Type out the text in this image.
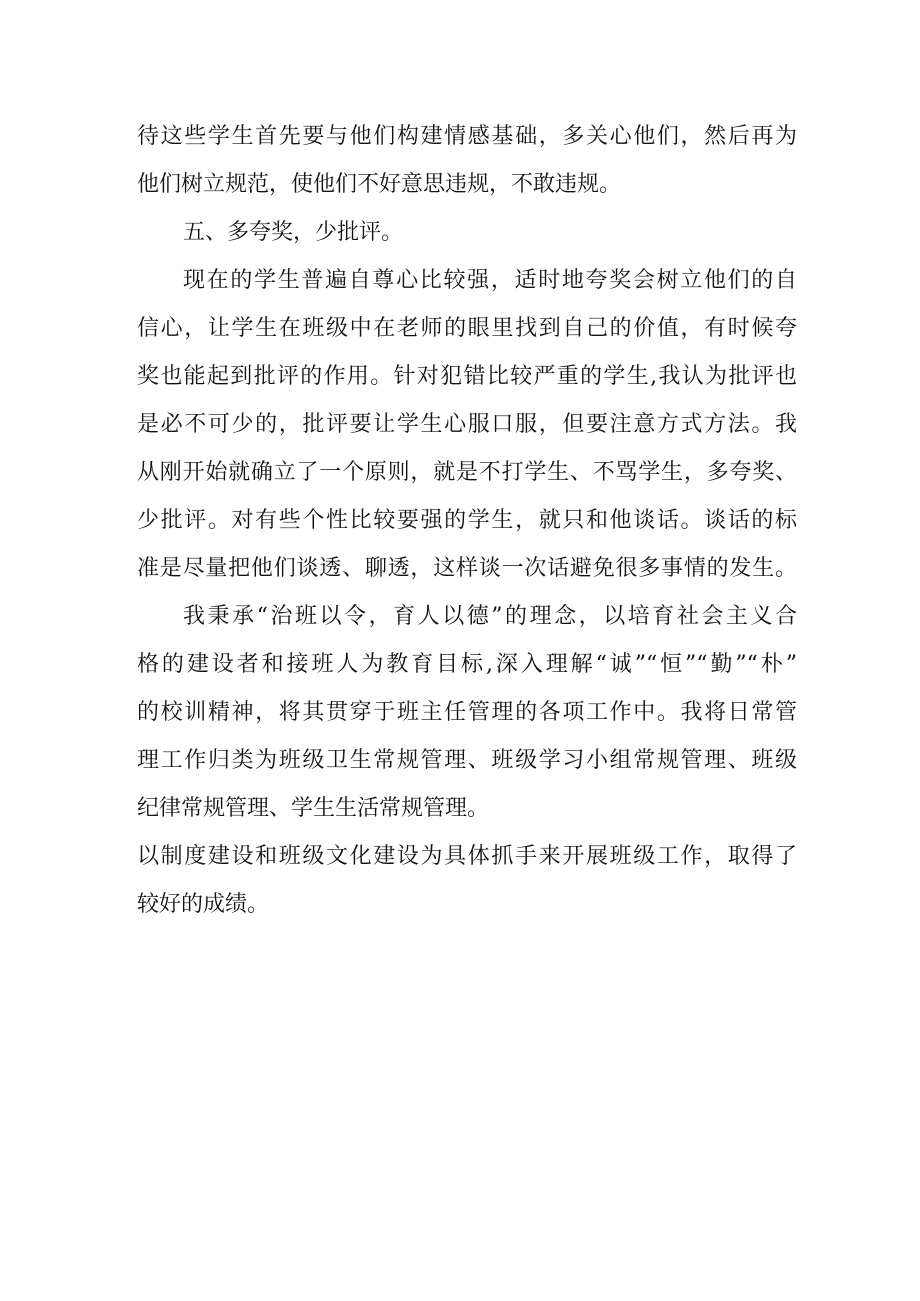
待这些学生首先要与他们构建情感基础，多关心他们，然后再为
他们树立规范，使他们不好意思违规，不敢违规。
五、多夸奖，少批评。
现在的学生普遍自尊心比较强，适时地夸奖会树立他们的自
信心，让学生在班级中在老师的眼里找到自己的价值，有时候夸
奖也能起到批评的作用。针对犯错比较严重的学生,我认为批评也
是必不可少的，批评要让学生心服口服，但要注意方式方法。我
从刚开始就确立了一个原则，就是不打学生、不骂学生，多夸奖、
少批评。对有些个性比较要强的学生，就只和他谈话。谈话的标
准是尽量把他们谈透、聊透，这样谈一次话避免很多事情的发生。
我秉承“治班以令，育人以德”的理念，以培育社会主义合
格的建设者和接班人为教育目标,深入理解“诚”“恒”“勤”“朴”
的校训精神，将其贯穿于班主任管理的各项工作中。我将日常管
理工作归类为班级卫生常规管理、班级学习小组常规管理、班级
纪律常规管理、学生生活常规管理。
以制度建设和班级文化建设为具体抓手来开展班级工作，取得了
较好的成绩。
